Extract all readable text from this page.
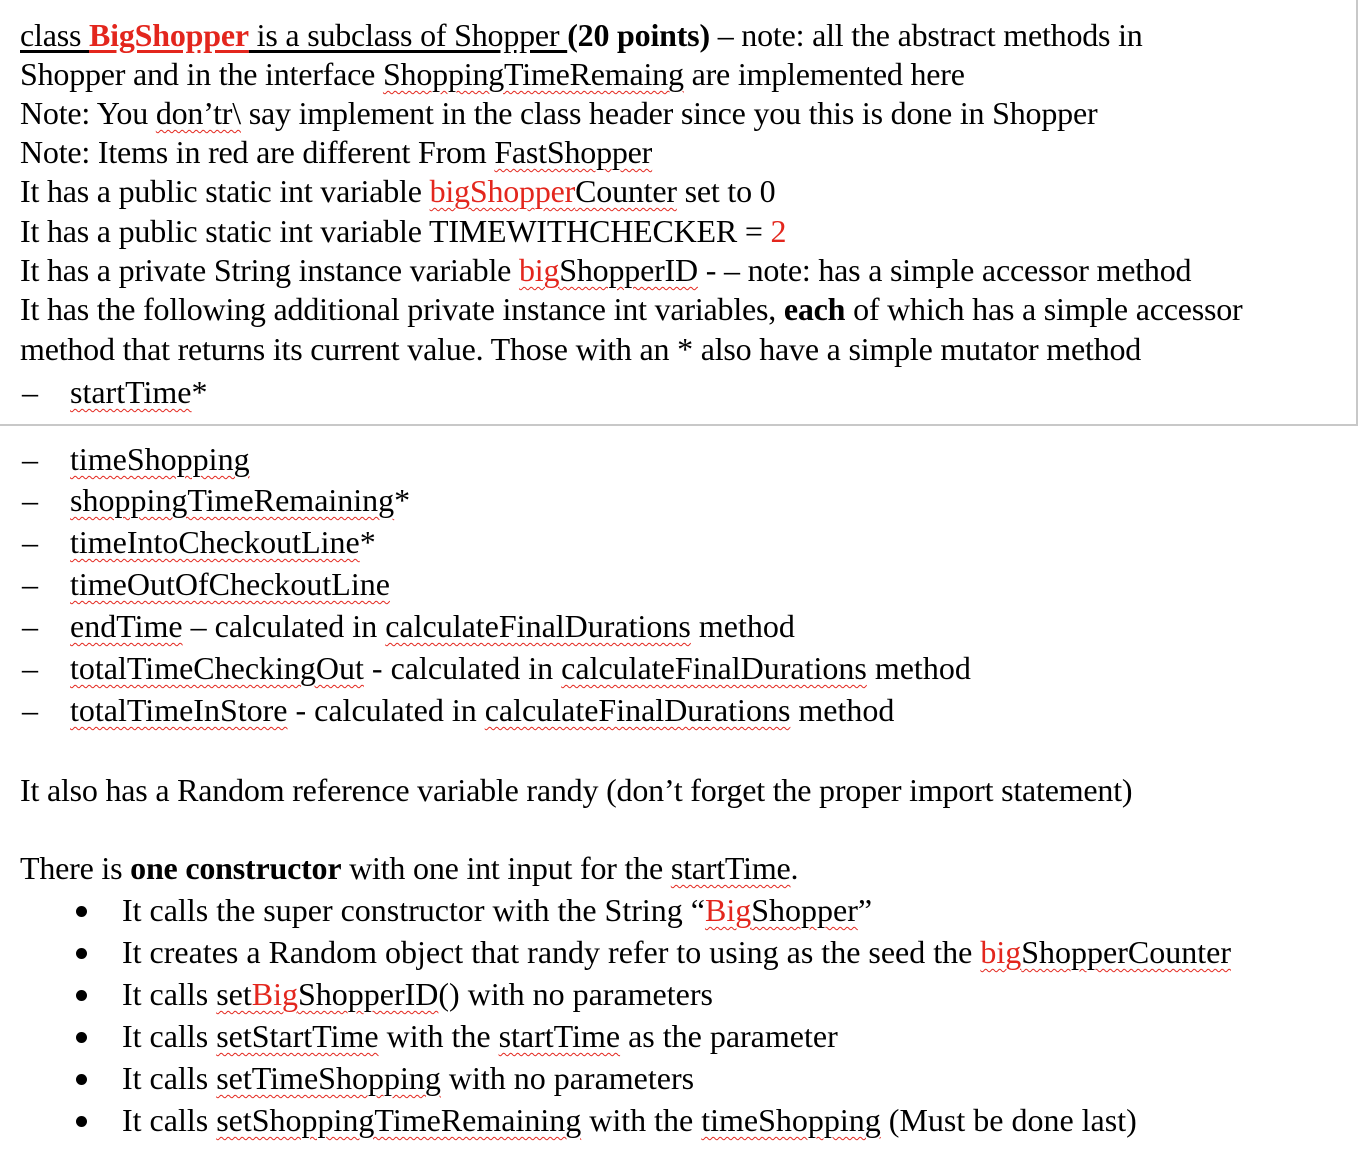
class BigShopper is a subclass of Shopper (20 points) – note: all the abstract methods in
Shopper and in the interface ShoppingTimeRemaing are implemented here
Note: You don’tr\ say implement in the class header since you this is done in Shopper
Note: Items in red are different From FastShopper
It has a public static int variable bigShopperCounter set to 0
It has a public static int variable TIMEWITHCHECKER = 2
It has a private String instance variable bigShopperID - – note: has a simple accessor method
It has the following additional private instance int variables, each of which has a simple accessor
method that returns its current value. Those with an * also have a simple mutator method
– startTime*
– timeShopping
– shoppingTimeRemaining*
– timeIntoCheckoutLine*
– timeOutOfCheckoutLine
– endTime – calculated in calculateFinalDurations method
– totalTimeCheckingOut - calculated in calculateFinalDurations method
– totalTimeInStore - calculated in calculateFinalDurations method
It also has a Random reference variable randy (don’t forget the proper import statement)
There is one constructor with one int input for the startTime.
It calls the super constructor with the String “BigShopper”
It creates a Random object that randy refer to using as the seed the bigShopperCounter
It calls setBigShopperID() with no parameters
It calls setStartTime with the startTime as the parameter
It calls setTimeShopping with no parameters
It calls setShoppingTimeRemaining with the timeShopping (Must be done last)
